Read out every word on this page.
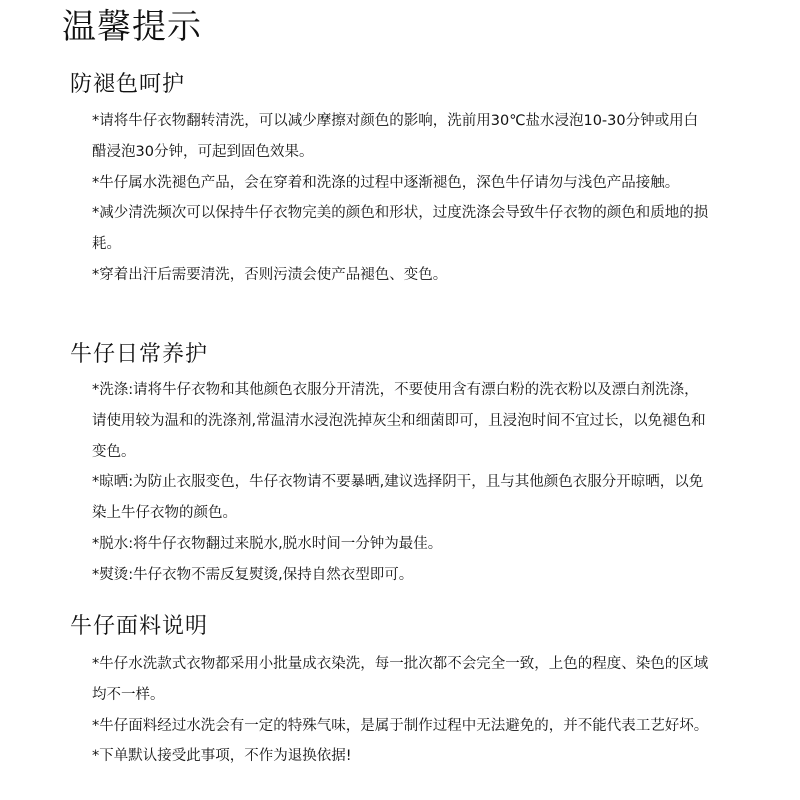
温馨提示
防褪色呵护
*请将牛仔衣物翻转清洗，可以减少摩擦对颜色的影响，洗前用30℃盐水浸泡10-30分钟或用白醋浸泡30分钟，可起到固色效果。
*牛仔属水洗褪色产品，会在穿着和洗涤的过程中逐渐褪色，深色牛仔请勿与浅色产品接触。
*减少清洗频次可以保持牛仔衣物完美的颜色和形状，过度洗涤会导致牛仔衣物的颜色和质地的损耗。
*穿着出汗后需要清洗，否则污渍会使产品褪色、变色。
牛仔日常养护
*洗涤:请将牛仔衣物和其他颜色衣服分开清洗，不要使用含有漂白粉的洗衣粉以及漂白剂洗涤，请使用较为温和的洗涤剂,常温清水浸泡洗掉灰尘和细菌即可，且浸泡时间不宜过长，以免褪色和变色。
*晾晒:为防止衣服变色，牛仔衣物请不要暴晒,建议选择阴干，且与其他颜色衣服分开晾晒，以免染上牛仔衣物的颜色。
*脱水:将牛仔衣物翻过来脱水,脱水时间一分钟为最佳。
*熨烫:牛仔衣物不需反复熨烫,保持自然衣型即可。
牛仔面料说明
*牛仔水洗款式衣物都采用小批量成衣染洗，每一批次都不会完全一致，上色的程度、染色的区域均不一样。
*牛仔面料经过水洗会有一定的特殊气味，是属于制作过程中无法避免的，并不能代表工艺好坏。
*下单默认接受此事项，不作为退换依据!
